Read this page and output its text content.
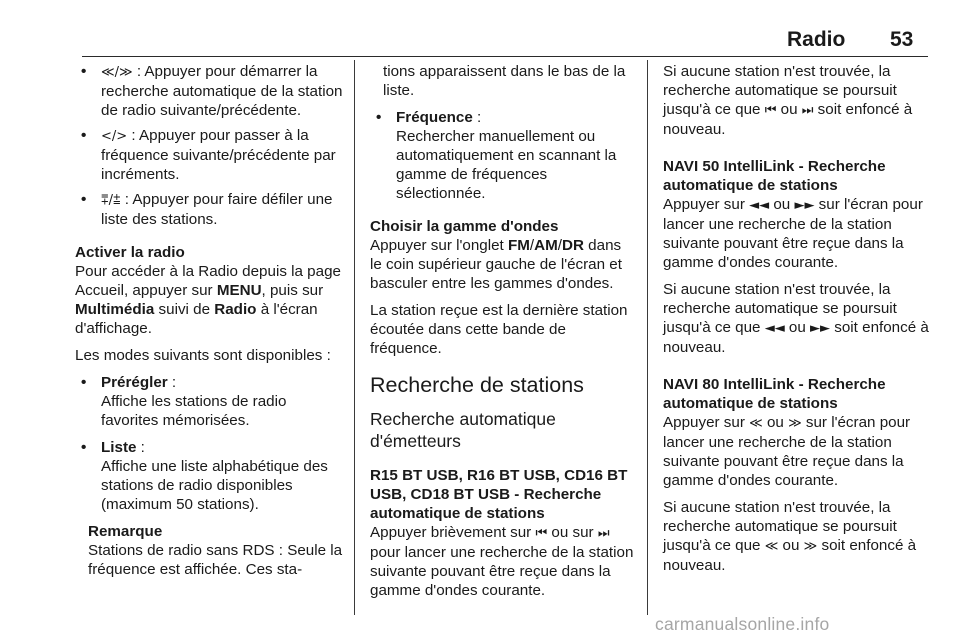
Radio 53
• ≪/≫ : Appuyer pour démarrer la recherche automatique de la station de radio suivante/précédente.
• </> : Appuyer pour passer à la fréquence suivante/précédente par incréments.
• ⩱/⩲ : Appuyer pour faire défiler une liste des stations.
Activer la radio

Pour accéder à la Radio depuis la page Accueil, appuyer sur MENU, puis sur Multimédia suivi de Radio à l'écran d'affichage.

Les modes suivants sont disponibles :

• Prérégler :
Affiche les stations de radio favorites mémorisées.
• Liste :
Affiche une liste alphabétique des stations de radio disponibles (maximum 50 stations).
Remarque
Stations de radio sans RDS : Seule la fréquence est affichée. Ces sta-
tions apparaissent dans le bas de la liste.
• Fréquence :
Rechercher manuellement ou automatiquement en scannant la gamme de fréquences sélectionnée.
Choisir la gamme d'ondes

Appuyer sur l'onglet FM/AM/DR dans le coin supérieur gauche de l'écran et basculer entre les gammes d'ondes.

La station reçue est la dernière station écoutée dans cette bande de fréquence.

Recherche de stations
Recherche automatique d'émetteurs
R15 BT USB, R16 BT USB, CD16 BT USB, CD18 BT USB - Recherche automatique de stations

Appuyer brièvement sur ⏮ ou sur ⏭ pour lancer une recherche de la station suivante pouvant être reçue dans la gamme d'ondes courante.

Si aucune station n'est trouvée, la recherche automatique se poursuit jusqu'à ce que ⏮ ou ⏭ soit enfoncé à nouveau.

NAVI 50 IntelliLink - Recherche automatique de stations

Appuyer sur ◄◄ ou ►► sur l'écran pour lancer une recherche de la station suivante pouvant être reçue dans la gamme d'ondes courante.

Si aucune station n'est trouvée, la recherche automatique se poursuit jusqu'à ce que ◄◄ ou ►► soit enfoncé à nouveau.

NAVI 80 IntelliLink - Recherche automatique de stations

Appuyer sur ≪ ou ≫ sur l'écran pour lancer une recherche de la station suivante pouvant être reçue dans la gamme d'ondes courante.

Si aucune station n'est trouvée, la recherche automatique se poursuit jusqu'à ce que ≪ ou ≫ soit enfoncé à nouveau.

carmanualsonline.info
